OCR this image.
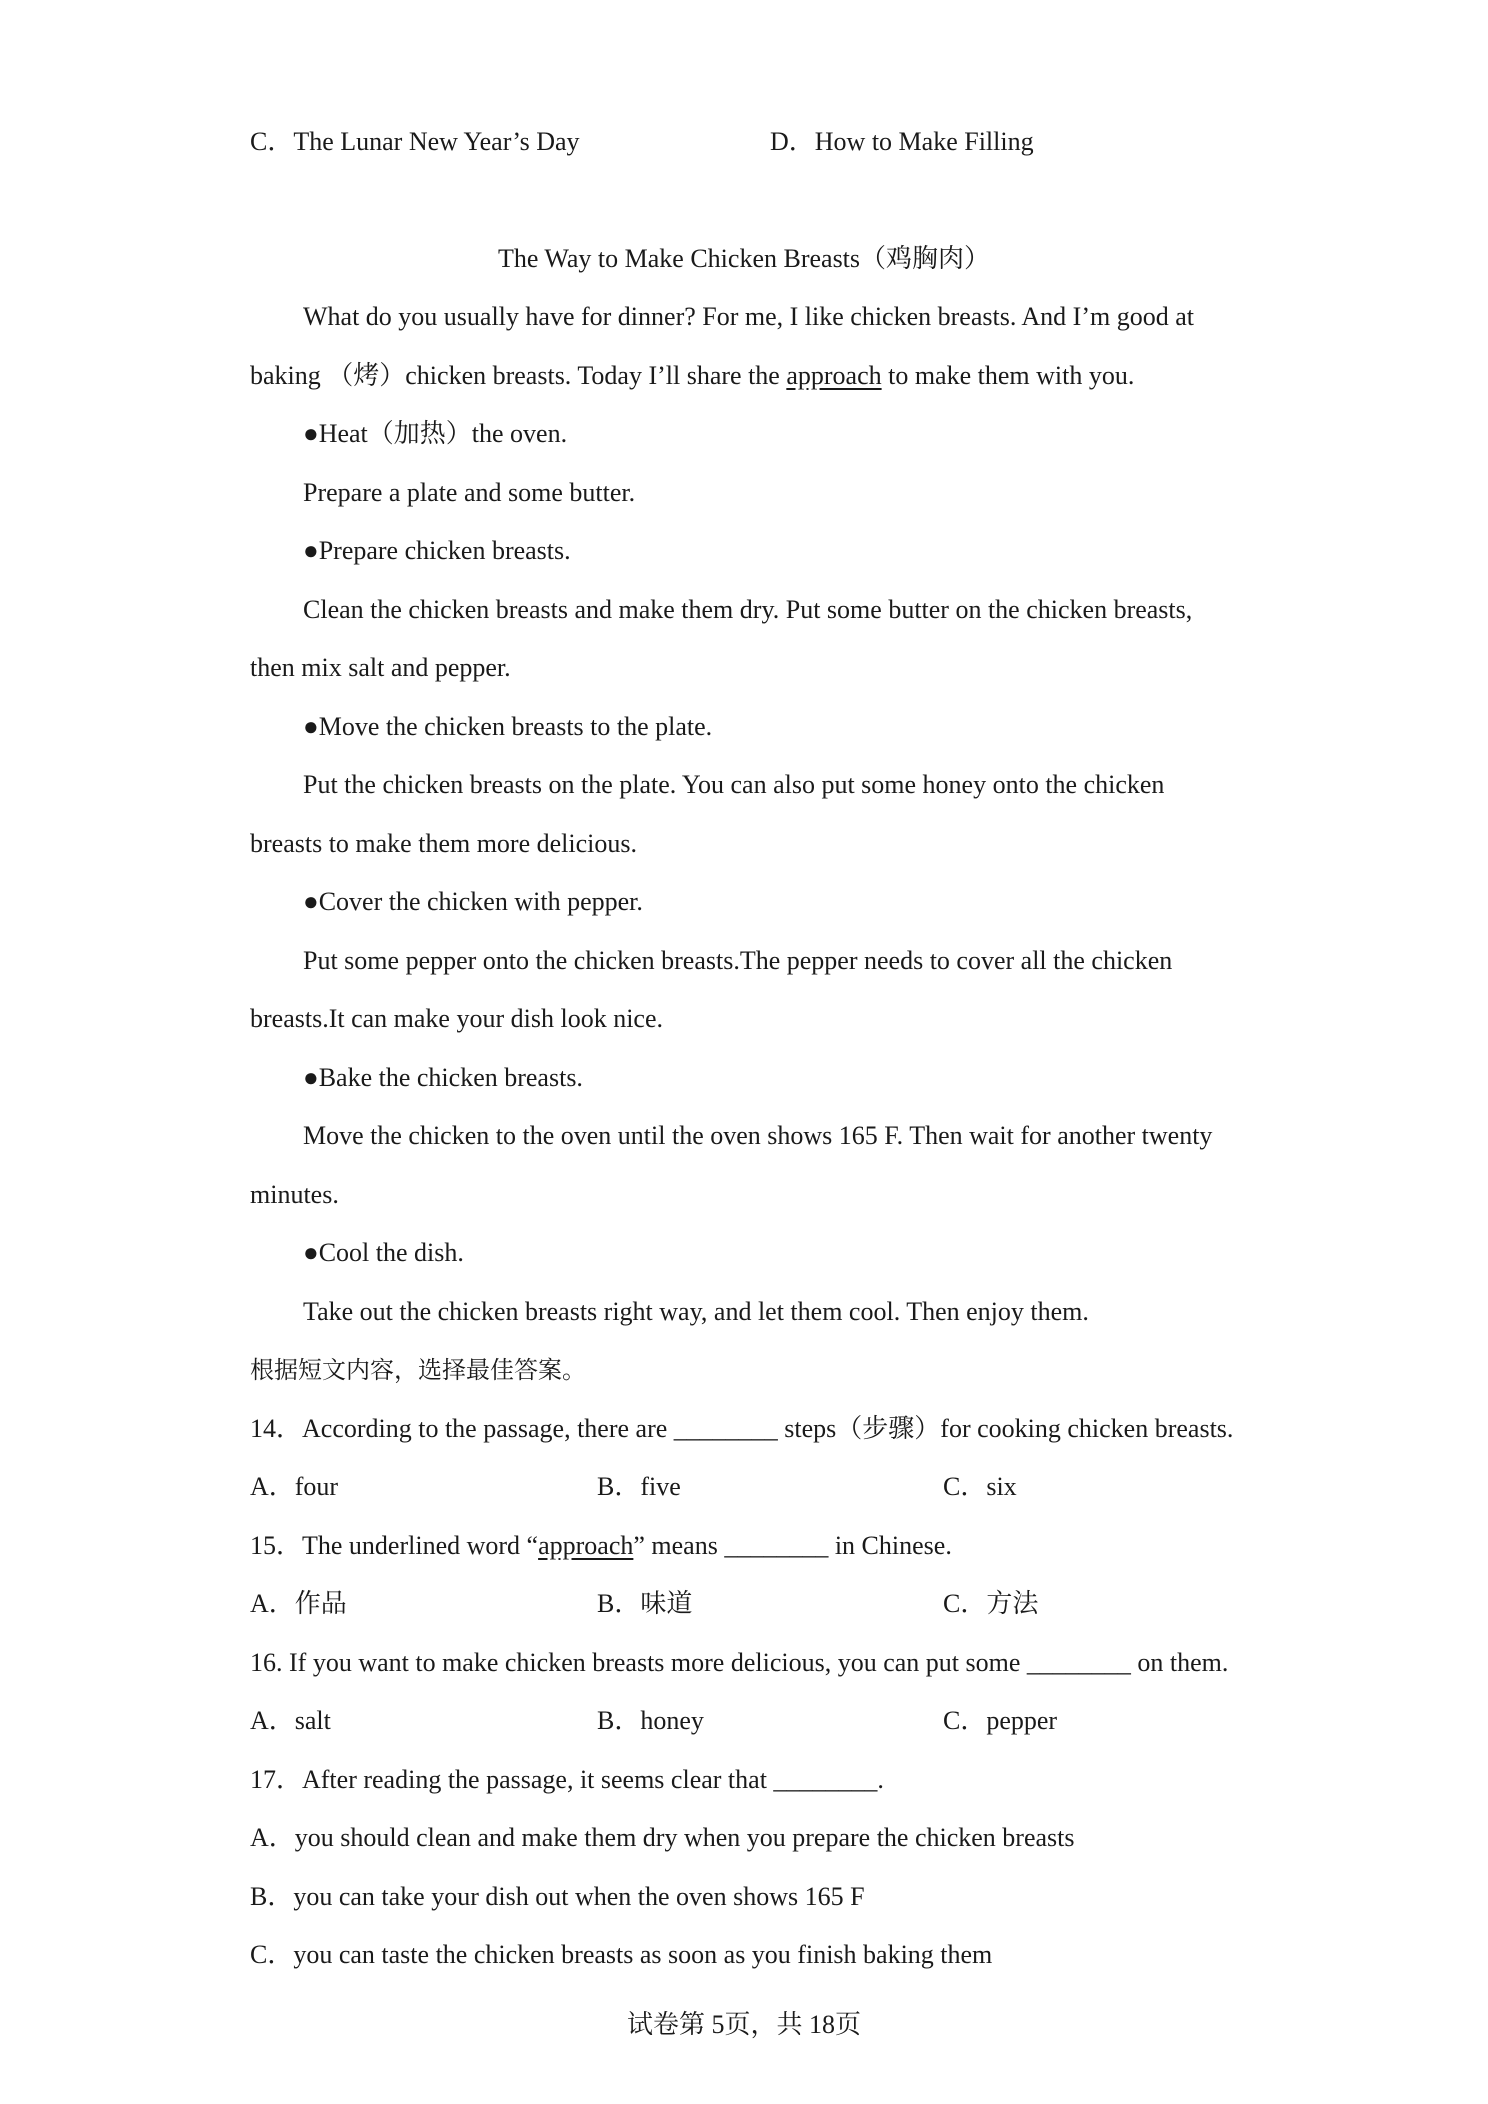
C．The Lunar New Year’s Day	D．How to Make Filling
The Way to Make Chicken Breasts（鸡胸肉）
What do you usually have for dinner? For me, I like chicken breasts. And I’m good at
baking （烤）chicken breasts. Today I’ll share the approach to make them with you.
●Heat（加热）the oven.
Prepare a plate and some butter.
●Prepare chicken breasts.
Clean the chicken breasts and make them dry. Put some butter on the chicken breasts,
then mix salt and pepper.
●Move the chicken breasts to the plate.
Put the chicken breasts on the plate. You can also put some honey onto the chicken
breasts to make them more delicious.
●Cover the chicken with pepper.
Put some pepper onto the chicken breasts.The pepper needs to cover all the chicken
breasts.It can make your dish look nice.
●Bake the chicken breasts.
Move the chicken to the oven until the oven shows 165 F. Then wait for another twenty
minutes.
●Cool the dish.
Take out the chicken breasts right way, and let them cool. Then enjoy them.
根据短文内容，选择最佳答案。
14．According to the passage, there are ________ steps（步骤）for cooking chicken breasts.
A．four	B．five	C．six
15．The underlined word “approach” means ________ in Chinese.
A．作品	B．味道	C．方法
16. If you want to make chicken breasts more delicious, you can put some ________ on them.
A．salt	B．honey	C．pepper
17．After reading the passage, it seems clear that ________.
A．you should clean and make them dry when you prepare the chicken breasts
B．you can take your dish out when the oven shows 165 F
C．you can taste the chicken breasts as soon as you finish baking them
试卷第 5页，共 18页
